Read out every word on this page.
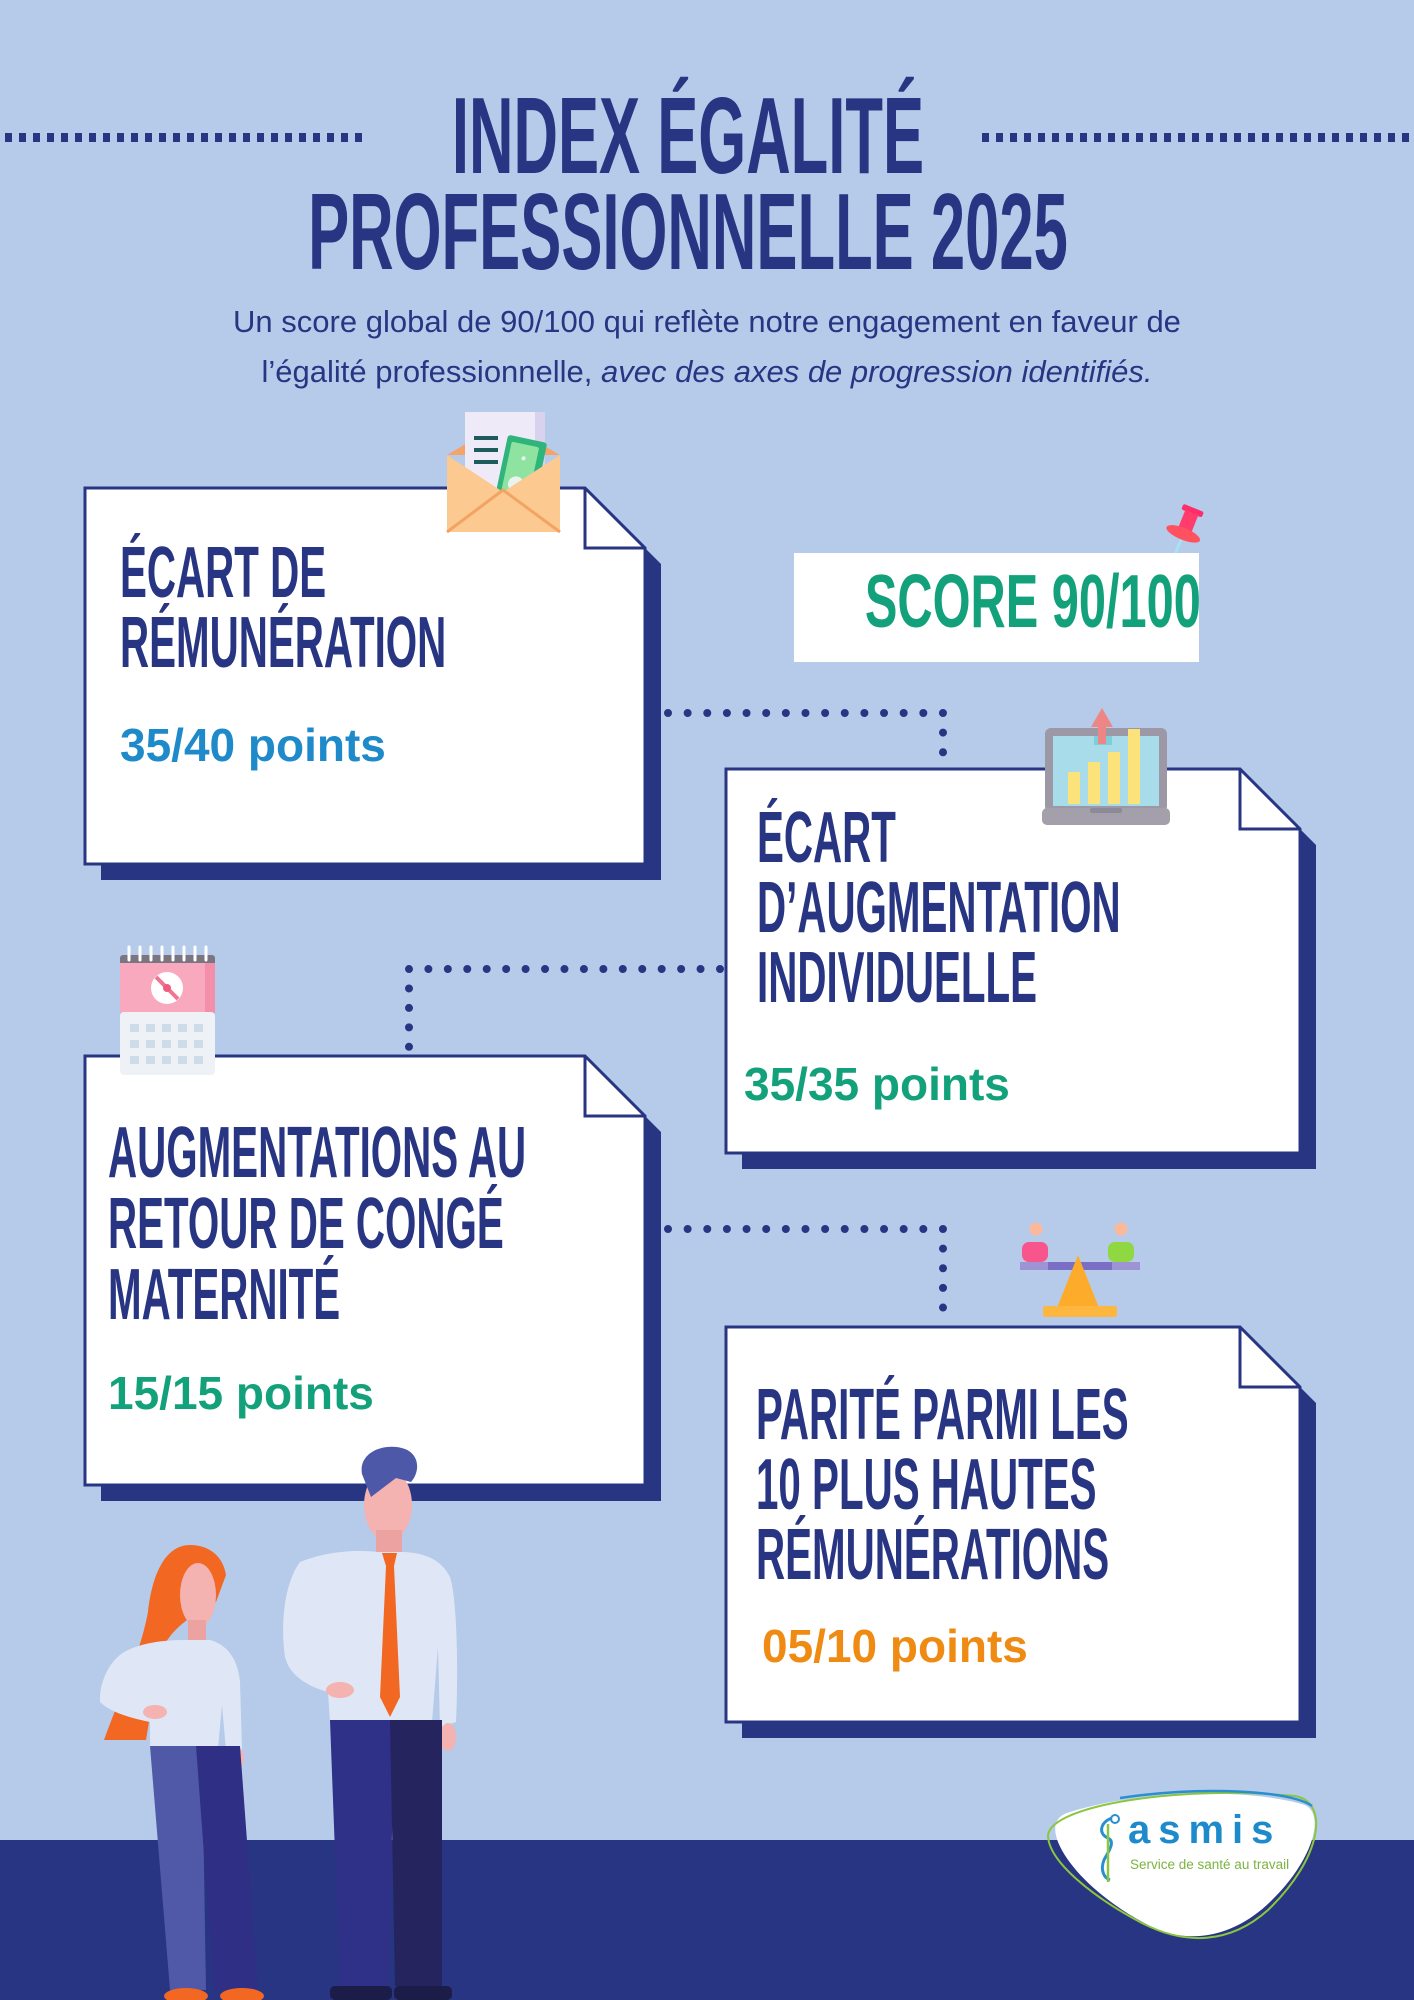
INDEX ÉGALITÉ
PROFESSIONNELLE 2025
Un score global de 90/100 qui reflète notre engagement en faveur de
l’égalité professionnelle, avec des axes de progression identifiés.
SCORE 90/100
ÉCART DE
RÉMUNÉRATION
35/40 points
ÉCART
D’AUGMENTATION
INDIVIDUELLE
35/35 points
AUGMENTATIONS AU
RETOUR DE CONGÉ
MATERNITÉ
15/15 points	PARITÉ PARMI LES
10 PLUS HAUTES
RÉMUNÉRATIONS
05/10 points
asmis
Service de santé au travail
